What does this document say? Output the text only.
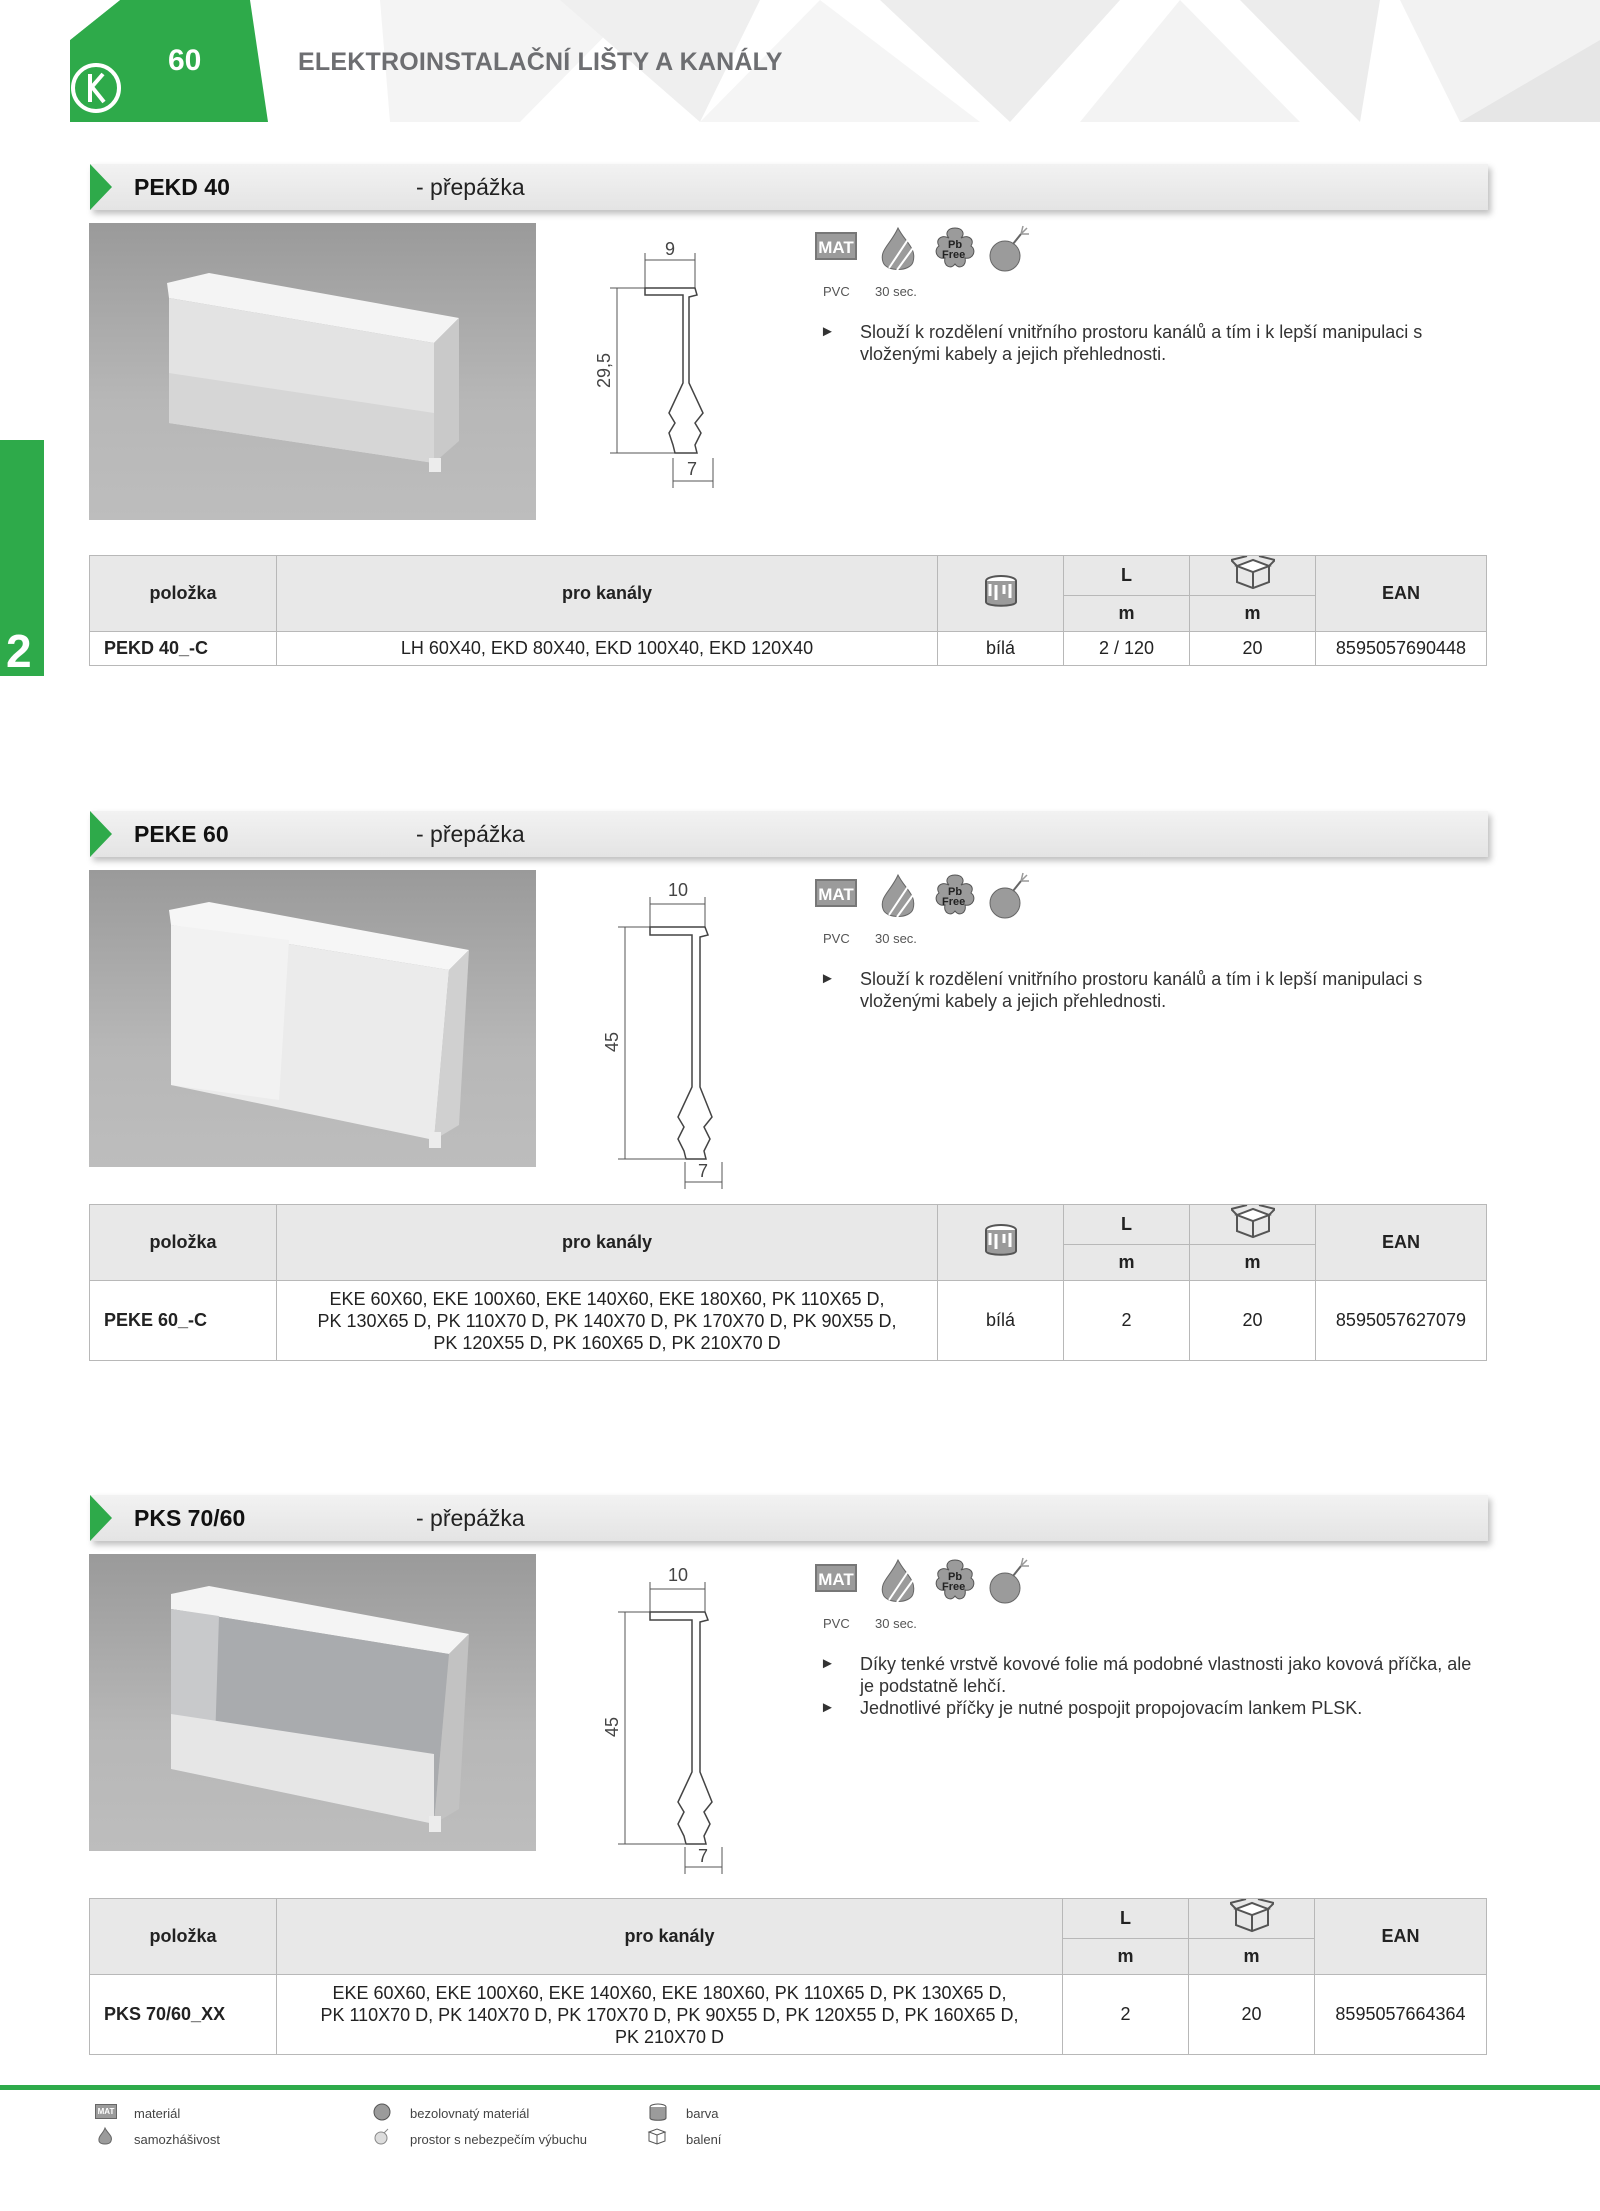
60	ELEKTROINSTALAČNÍ LIŠTY A KANÁLY
2
PEKD 40	- přepážka
9
29,5
7
MAT	Pb
Free
PVC 30 sec.
► Slouží k rozdělení vnitřního prostoru kanálů a tím i k lepší manipulaci s vloženými kabely a jejich přehlednosti.
položka	pro kanály		L		EAN
			m	m	
PEKD 40_-C	LH 60X40, EKD 80X40, EKD 100X40, EKD 120X40	bílá	2 / 120	20	8595057690448
PEKE 60	- přepážka
10
45
7
MAT	Pb
Free
PVC 30 sec.
► Slouží k rozdělení vnitřního prostoru kanálů a tím i k lepší manipulaci s vloženými kabely a jejich přehlednosti.
položka	pro kanály		L		EAN
			m	m	
PEKE 60_-C	EKE 60X60, EKE 100X60, EKE 140X60, EKE 180X60, PK 110X65 D,
PK 130X65 D, PK 110X70 D, PK 140X70 D, PK 170X70 D, PK 90X55 D,
PK 120X55 D, PK 160X65 D, PK 210X70 D	bílá	2	20	8595057627079
PKS 70/60	- přepážka
10
45
7
MAT	Pb
Free
PVC 30 sec.
► Díky tenké vrstvě kovové folie má podobné vlastnosti jako kovová příčka, ale je podstatně lehčí.
► Jednotlivé příčky je nutné pospojit propojovacím lankem PLSK.
položka	pro kanály	L		EAN
		m	m	
PKS 70/60_XX	EKE 60X60, EKE 100X60, EKE 140X60, EKE 180X60, PK 110X65 D, PK 130X65 D,
PK 110X70 D, PK 140X70 D, PK 170X70 D, PK 90X55 D, PK 120X55 D, PK 160X65 D,
PK 210X70 D	2	20	8595057664364
MAT materiál
samozhášivost
bezolovnatý materiál
prostor s nebezpečím výbuchu
barva
balení
